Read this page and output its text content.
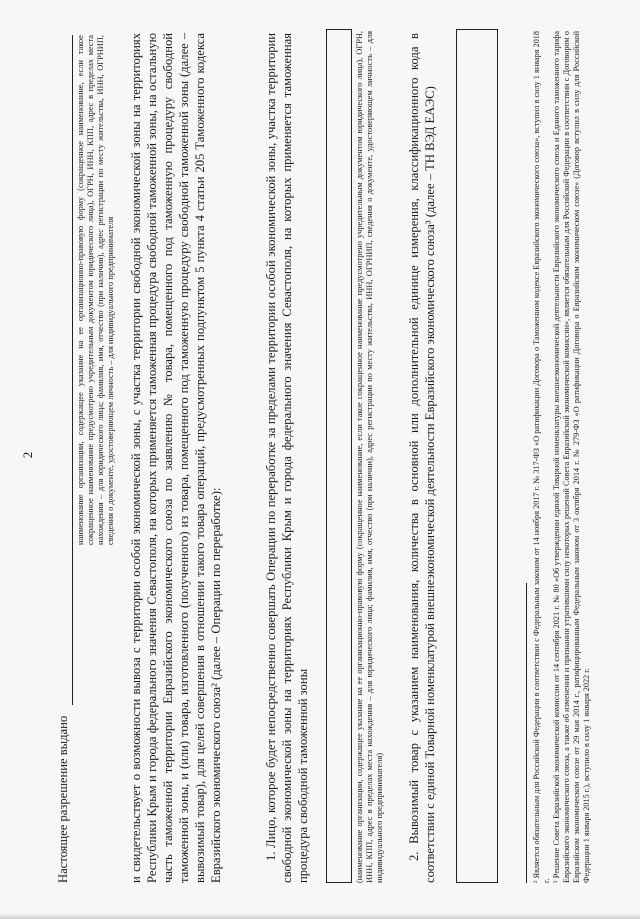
2
Настоящее разрешение выдано
наименование организации, содержащее указание на ее организационно-правовую форму (сокращенное наименование, если такое сокращенное наименование предусмотрено учредительным документом юридического лица), ОГРН, ИНН, КПП, адрес в пределах места нахождения – для юридического лица; фамилия, имя, отчество (при наличии), адрес регистрации по месту жительства, ИНН, ОГРНИП, сведения о документе, удостоверяющем личность – для индивидуального предпринимателя и свидетельствует о возможности вывоза с территории особой экономической зоны, с участка территории свободной экономической зоны на территориях Республики Крым и города федерального значения Севастополя, на которых применяется таможенная процедура свободной таможенной зоны, на остальную часть таможенной территории Евразийского экономического союза по заявлению № товара, помещенного под таможенную процедуру свободной таможенной зоны, и (или) товара, изготовленного (полученного) из товара, помещенного под таможенную процедуру свободной таможенной зоны (далее – вывозимый товар), для целей совершения в отношении такого товара операций, предусмотренных подпунктом 5 пункта 4 статьи 205 Таможенного кодекса Евразийского экономического союза² (далее – Операции по переработке):	1. Лицо, которое будет непосредственно совершать Операции по переработке за пределами территории особой экономической зоны, участка территории свободной экономической зоны на территориях Республики Крым и города федерального значения Севастополя, на которых применяется таможенная процедура свободной таможенной зоны	(наименование организации, содержащее указание на ее организационно-правовую форму (сокращенное наименование, если такое сокращенное наименование предусмотрено учредительным документом юридического лица), ОГРН, ИНН, КПП, адрес в пределах места нахождения – для юридического лица; фамилия, имя, отчество (при наличии), адрес регистрации по месту жительства, ИНН, ОГРНИП, сведения о документе, удостоверяющем личность – для индивидуального предпринимателя) 2. Вывозимый товар с указанием наименования, количества в основной или дополнительной единице измерения, классификационного кода в соответствии с единой Товарной номенклатурой внешнеэкономической деятельности Евразийского экономического союза³ (далее – ТН ВЭД ЕАЭС)	² Является обязательным для Российской Федерации в соответствии с Федеральным законом от 14 ноября 2017 г. № 317-ФЗ «О ратификации Договора о Таможенном кодексе Евразийского экономического союза», вступил в силу 1 января 2018 г. ³ Решение Совета Евразийской экономической комиссии от 14 сентября 2021 г. № 80 «Об утверждении единой Товарной номенклатуры внешнеэкономической деятельности Евразийского экономического союза и Единого таможенного тарифа Евразийского экономического союза, а также об изменении и признании утратившими силу некоторых решений Совета Евразийской экономической комиссии», является обязательным для Российской Федерации в соответствии с Договором о Евразийском экономическом союзе от 29 мая 2014 г., ратифицированным Федеральным законом от 3 октября 2014 г. № 279-ФЗ «О ратификации Договора о Евразийском экономическом союзе» (Договор вступил в силу для Российской Федерации 1 января 2015 г.), вступило в силу 1 января 2022 г.
